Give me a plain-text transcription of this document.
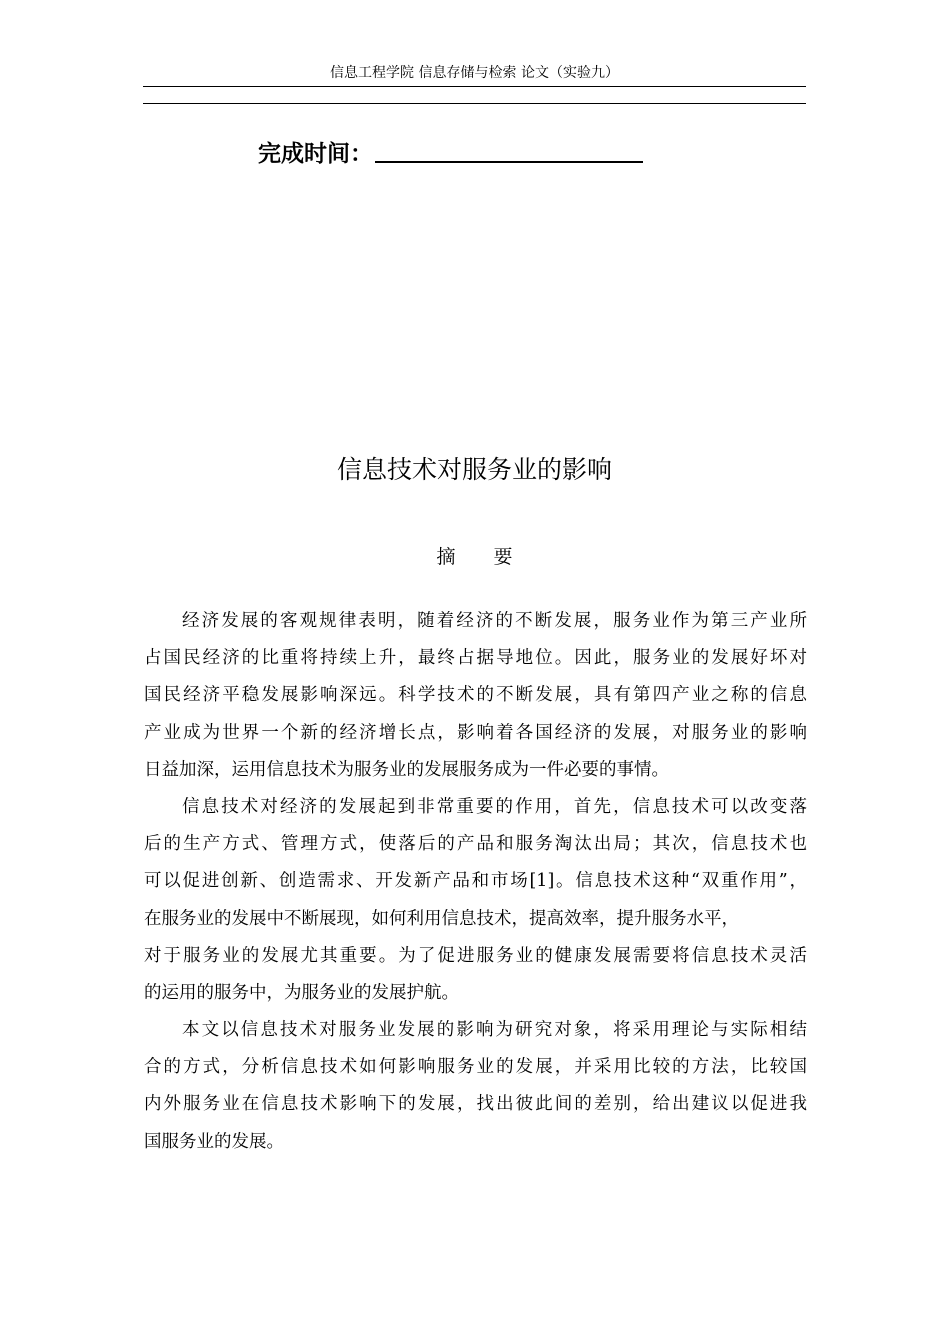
信息工程学院 信息存储与检索 论文（实验九）
完成时间：
信息技术对服务业的影响
摘要
经济发展的客观规律表明，随着经济的不断发展，服务业作为第三产业所
占国民经济的比重将持续上升，最终占据导地位。因此，服务业的发展好坏对
国民经济平稳发展影响深远。科学技术的不断发展，具有第四产业之称的信息
产业成为世界一个新的经济增长点，影响着各国经济的发展，对服务业的影响
日益加深，运用信息技术为服务业的发展服务成为一件必要的事情。
信息技术对经济的发展起到非常重要的作用，首先，信息技术可以改变落
后的生产方式、管理方式，使落后的产品和服务淘汰出局；其次，信息技术也
可以促进创新、创造需求、开发新产品和市场[1]。信息技术这种“双重作用”，
在服务业的发展中不断展现，如何利用信息技术，提高效率，提升服务水平，
对于服务业的发展尤其重要。为了促进服务业的健康发展需要将信息技术灵活
的运用的服务中，为服务业的发展护航。
本文以信息技术对服务业发展的影响为研究对象，将采用理论与实际相结
合的方式，分析信息技术如何影响服务业的发展，并采用比较的方法，比较国
内外服务业在信息技术影响下的发展，找出彼此间的差别，给出建议以促进我
国服务业的发展。
